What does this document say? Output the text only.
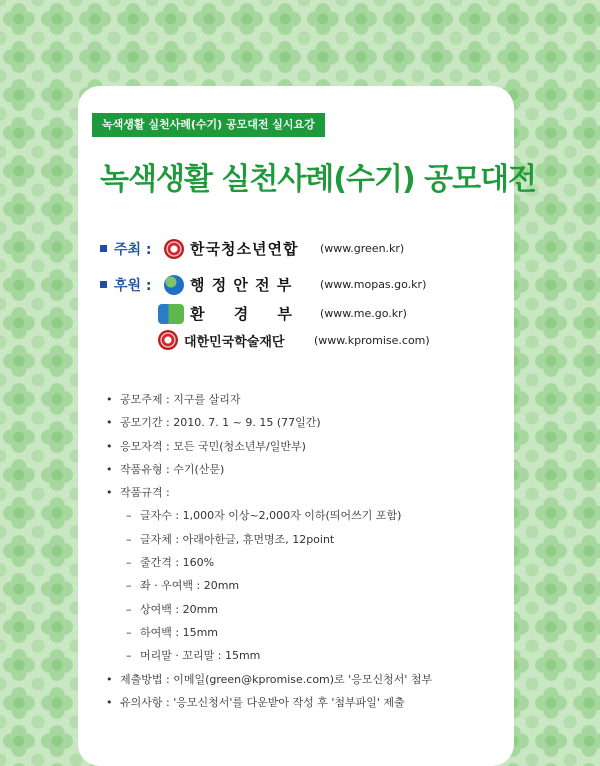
녹색생활 실천사례(수기) 공모대전 실시요강
녹색생활 실천사례(수기) 공모대전
주최 :	한국청소년연합	(www.green.kr)
후원 :	행 정 안 전 부	(www.mopas.go.kr)
환 경 부	(www.me.go.kr)
대한민국학술재단	(www.kpromise.com)
• 공모주제 : 지구를 살리자
• 공모기간 : 2010. 7. 1 ~ 9. 15 (77일간)
• 응모자격 : 모든 국민(청소년부/일반부)
• 작품유형 : 수기(산문)
• 작품규격 :
– 글자수 : 1,000자 이상~2,000자 이하(띄어쓰기 포함)
– 글자체 : 아래아한글, 휴먼명조, 12point
– 줄간격 : 160%
– 좌 · 우여백 : 20mm
– 상여백 : 20mm
– 하여백 : 15mm
– 머리말 · 꼬리말 : 15mm
• 제출방법 : 이메일(green@kpromise.com)로 '응모신청서' 첨부
• 유의사항 : '응모신청서'를 다운받아 작성 후 '첨부파일' 제출
